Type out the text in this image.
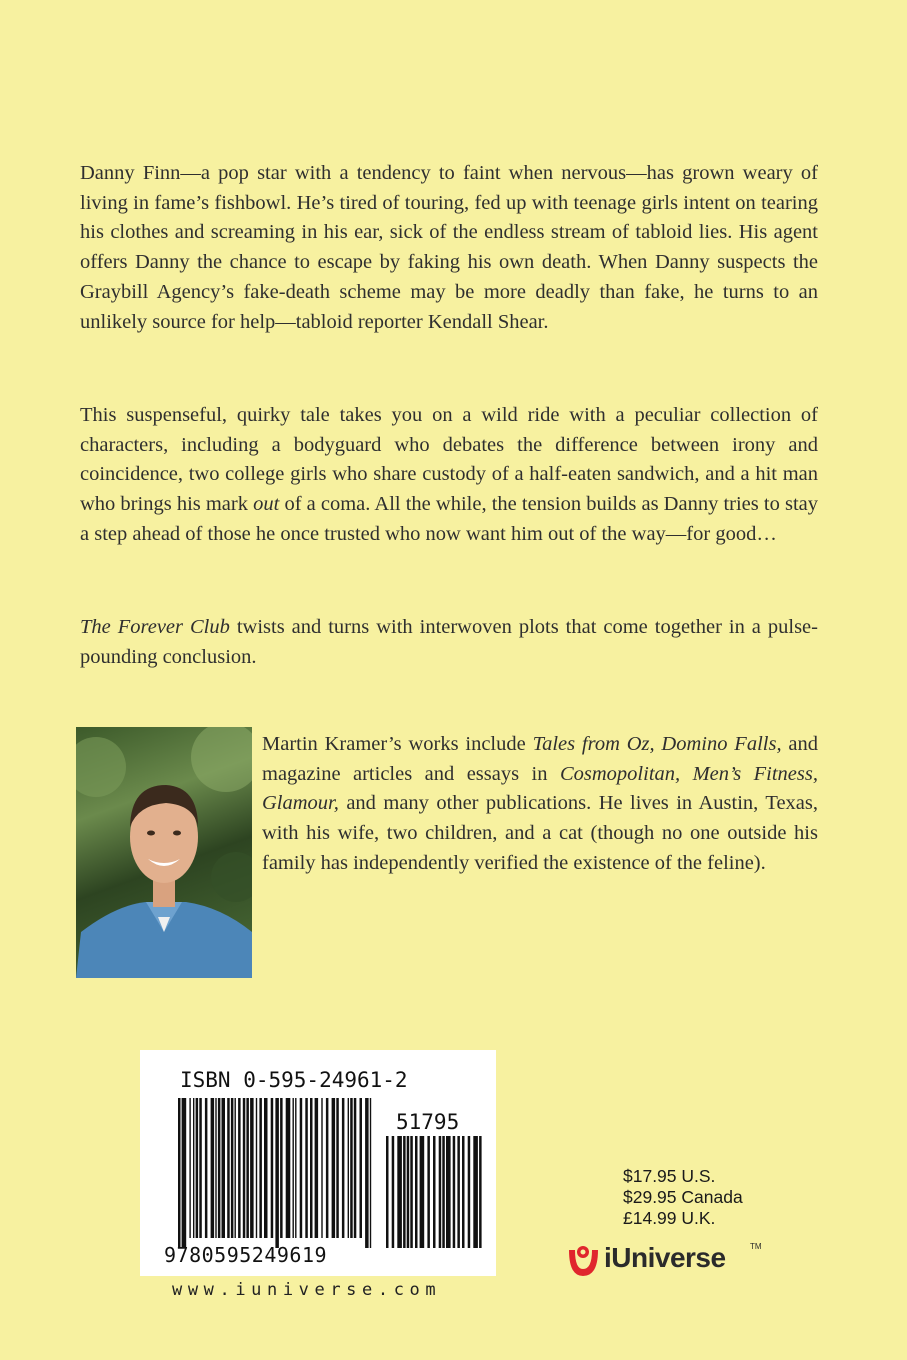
Danny Finn—a pop star with a tendency to faint when nervous—has grown weary of living in fame’s fishbowl. He’s tired of touring, fed up with teenage girls intent on tearing his clothes and screaming in his ear, sick of the endless stream of tabloid lies. His agent offers Danny the chance to escape by faking his own death. When Danny suspects the Graybill Agency’s fake-death scheme may be more deadly than fake, he turns to an unlikely source for help—tabloid reporter Kendall Shear.

This suspenseful, quirky tale takes you on a wild ride with a peculiar collection of characters, including a bodyguard who debates the difference between irony and coincidence, two college girls who share custody of a half-eaten sandwich, and a hit man who brings his mark out of a coma. All the while, the tension builds as Danny tries to stay a step ahead of those he once trusted who now want him out of the way—for good…

The Forever Club twists and turns with interwoven plots that come together in a pulse-pounding conclusion.

Martin Kramer’s works include Tales from Oz, Domino Falls, and magazine articles and essays in Cosmopolitan, Men’s Fitness, Glamour, and many other publications. He lives in Austin, Texas, with his wife, two children, and a cat (though no one outside his family has independently verified the existence of the feline).

ISBN 0-595-24961-2
51795
9780595249619
www.iuniverse.com
$17.95 U.S.
$29.95 Canada
£14.99 U.K.
iUniverse	TM
